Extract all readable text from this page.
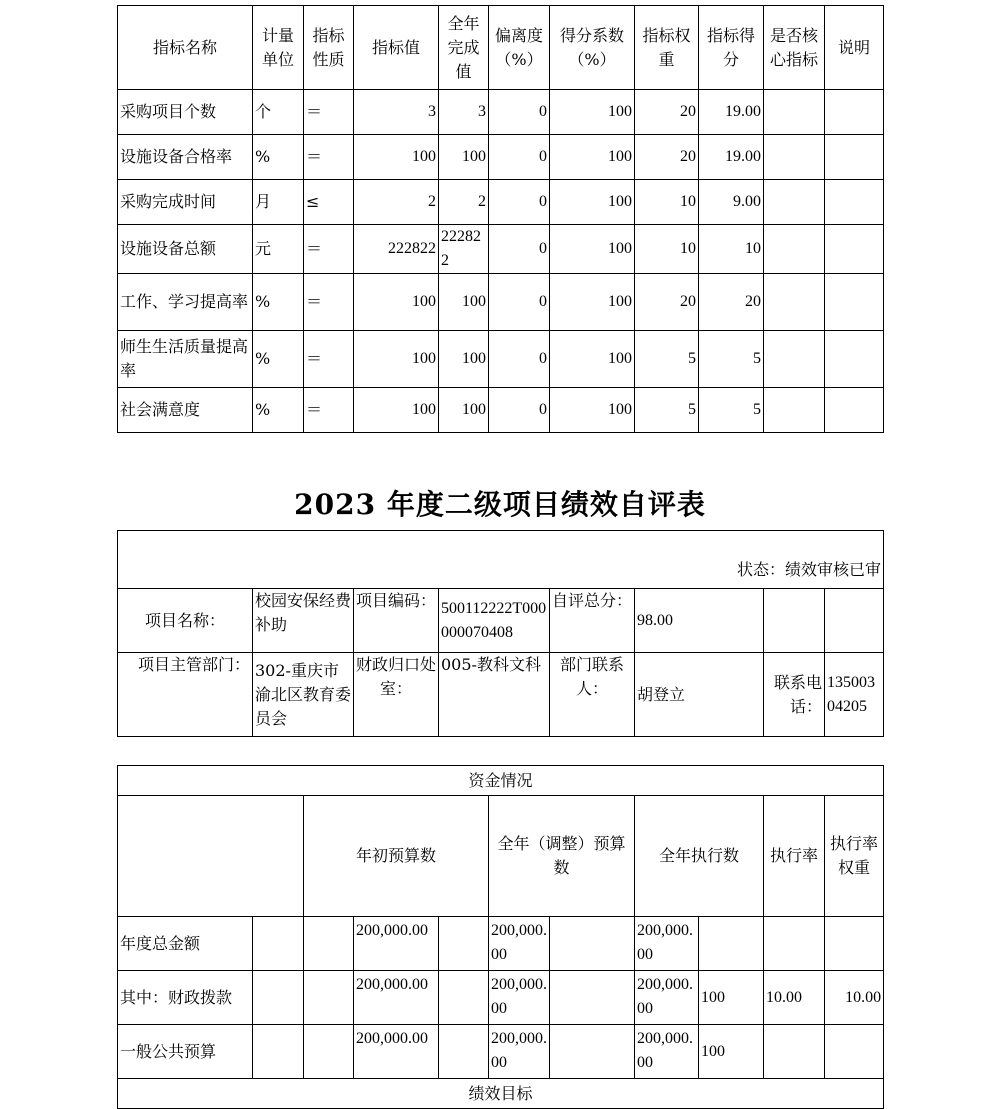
指标名称	计量单位	指标性质	指标值	全年完成值	偏离度（%）	得分系数（%）	指标权重	指标得分	是否核心指标	说明
采购项目个数	个	＝	3	3	0	100	20	19.00		
设施设备合格率	%	＝	100	100	0	100	20	19.00		
采购完成时间	月	≤	2	2	0	100	10	9.00		
设施设备总额	元	＝	222822	222822	0	100	10	10		
工作、学习提高率	%	＝	100	100	0	100	20	20		
师生生活质量提高率	%	＝	100	100	0	100	5	5		
社会满意度	%	＝	100	100	0	100	5	5		
2023 年度二级项目绩效自评表
状态：绩效审核已审							
项目名称：	校园安保经费补助	项目编码：	500112222T000000070408	自评总分：	98.00		
项目主管部门：	302-重庆市渝北区教育委员会	财政归口处室：	005-教科文科	部门联系人：	胡登立	联系电话：	13500304205
资金情况											
		年初预算数			全年（调整）预算数		全年执行数		执行率	执行率权重	
年度总金额			200,000.00		200,000.00		200,000.00				
其中：财政拨款			200,000.00		200,000.00		200,000.00	100	10.00	10.00	
一般公共预算			200,000.00		200,000.00		200,000.00	100			
绩效目标											
